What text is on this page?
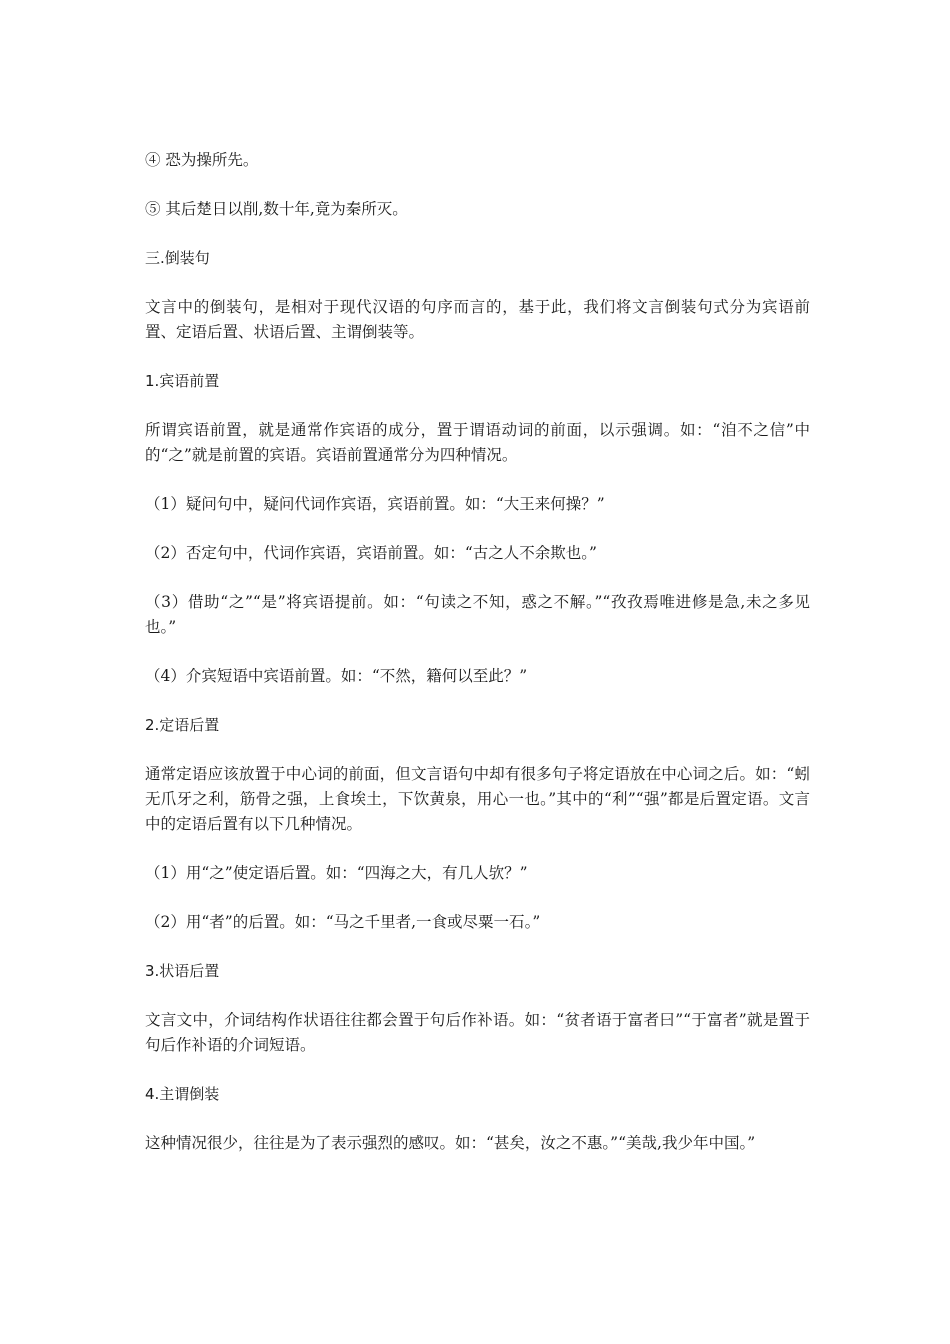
④ 恐为操所先。

⑤ 其后楚日以削,数十年,竟为秦所灭。

三.倒装句

文言中的倒装句，是相对于现代汉语的句序而言的，基于此，我们将文言倒装句式分为宾语前置、定语后置、状语后置、主谓倒装等。

1.宾语前置

所谓宾语前置，就是通常作宾语的成分，置于谓语动词的前面，以示强调。如：“洎不之信”中的“之”就是前置的宾语。宾语前置通常分为四种情况。

（1）疑问句中，疑问代词作宾语，宾语前置。如：“大王来何操？”

（2）否定句中，代词作宾语，宾语前置。如：“古之人不余欺也。”

（3）借助“之”“是”将宾语提前。如：“句读之不知，惑之不解。”“孜孜焉唯进修是急,未之多见也。”

（4）介宾短语中宾语前置。如：“不然，籍何以至此？”

2.定语后置

通常定语应该放置于中心词的前面，但文言语句中却有很多句子将定语放在中心词之后。如：“蚓无爪牙之利，筋骨之强，上食埃土，下饮黄泉，用心一也。”其中的“利”“强”都是后置定语。文言中的定语后置有以下几种情况。

（1）用“之”使定语后置。如：“四海之大，有几人欤？”

（2）用“者”的后置。如：“马之千里者,一食或尽粟一石。”

3.状语后置

文言文中，介词结构作状语往往都会置于句后作补语。如：“贫者语于富者曰”“于富者”就是置于句后作补语的介词短语。

4.主谓倒装

这种情况很少，往往是为了表示强烈的感叹。如：“甚矣，汝之不惠。”“美哉,我少年中国。”
